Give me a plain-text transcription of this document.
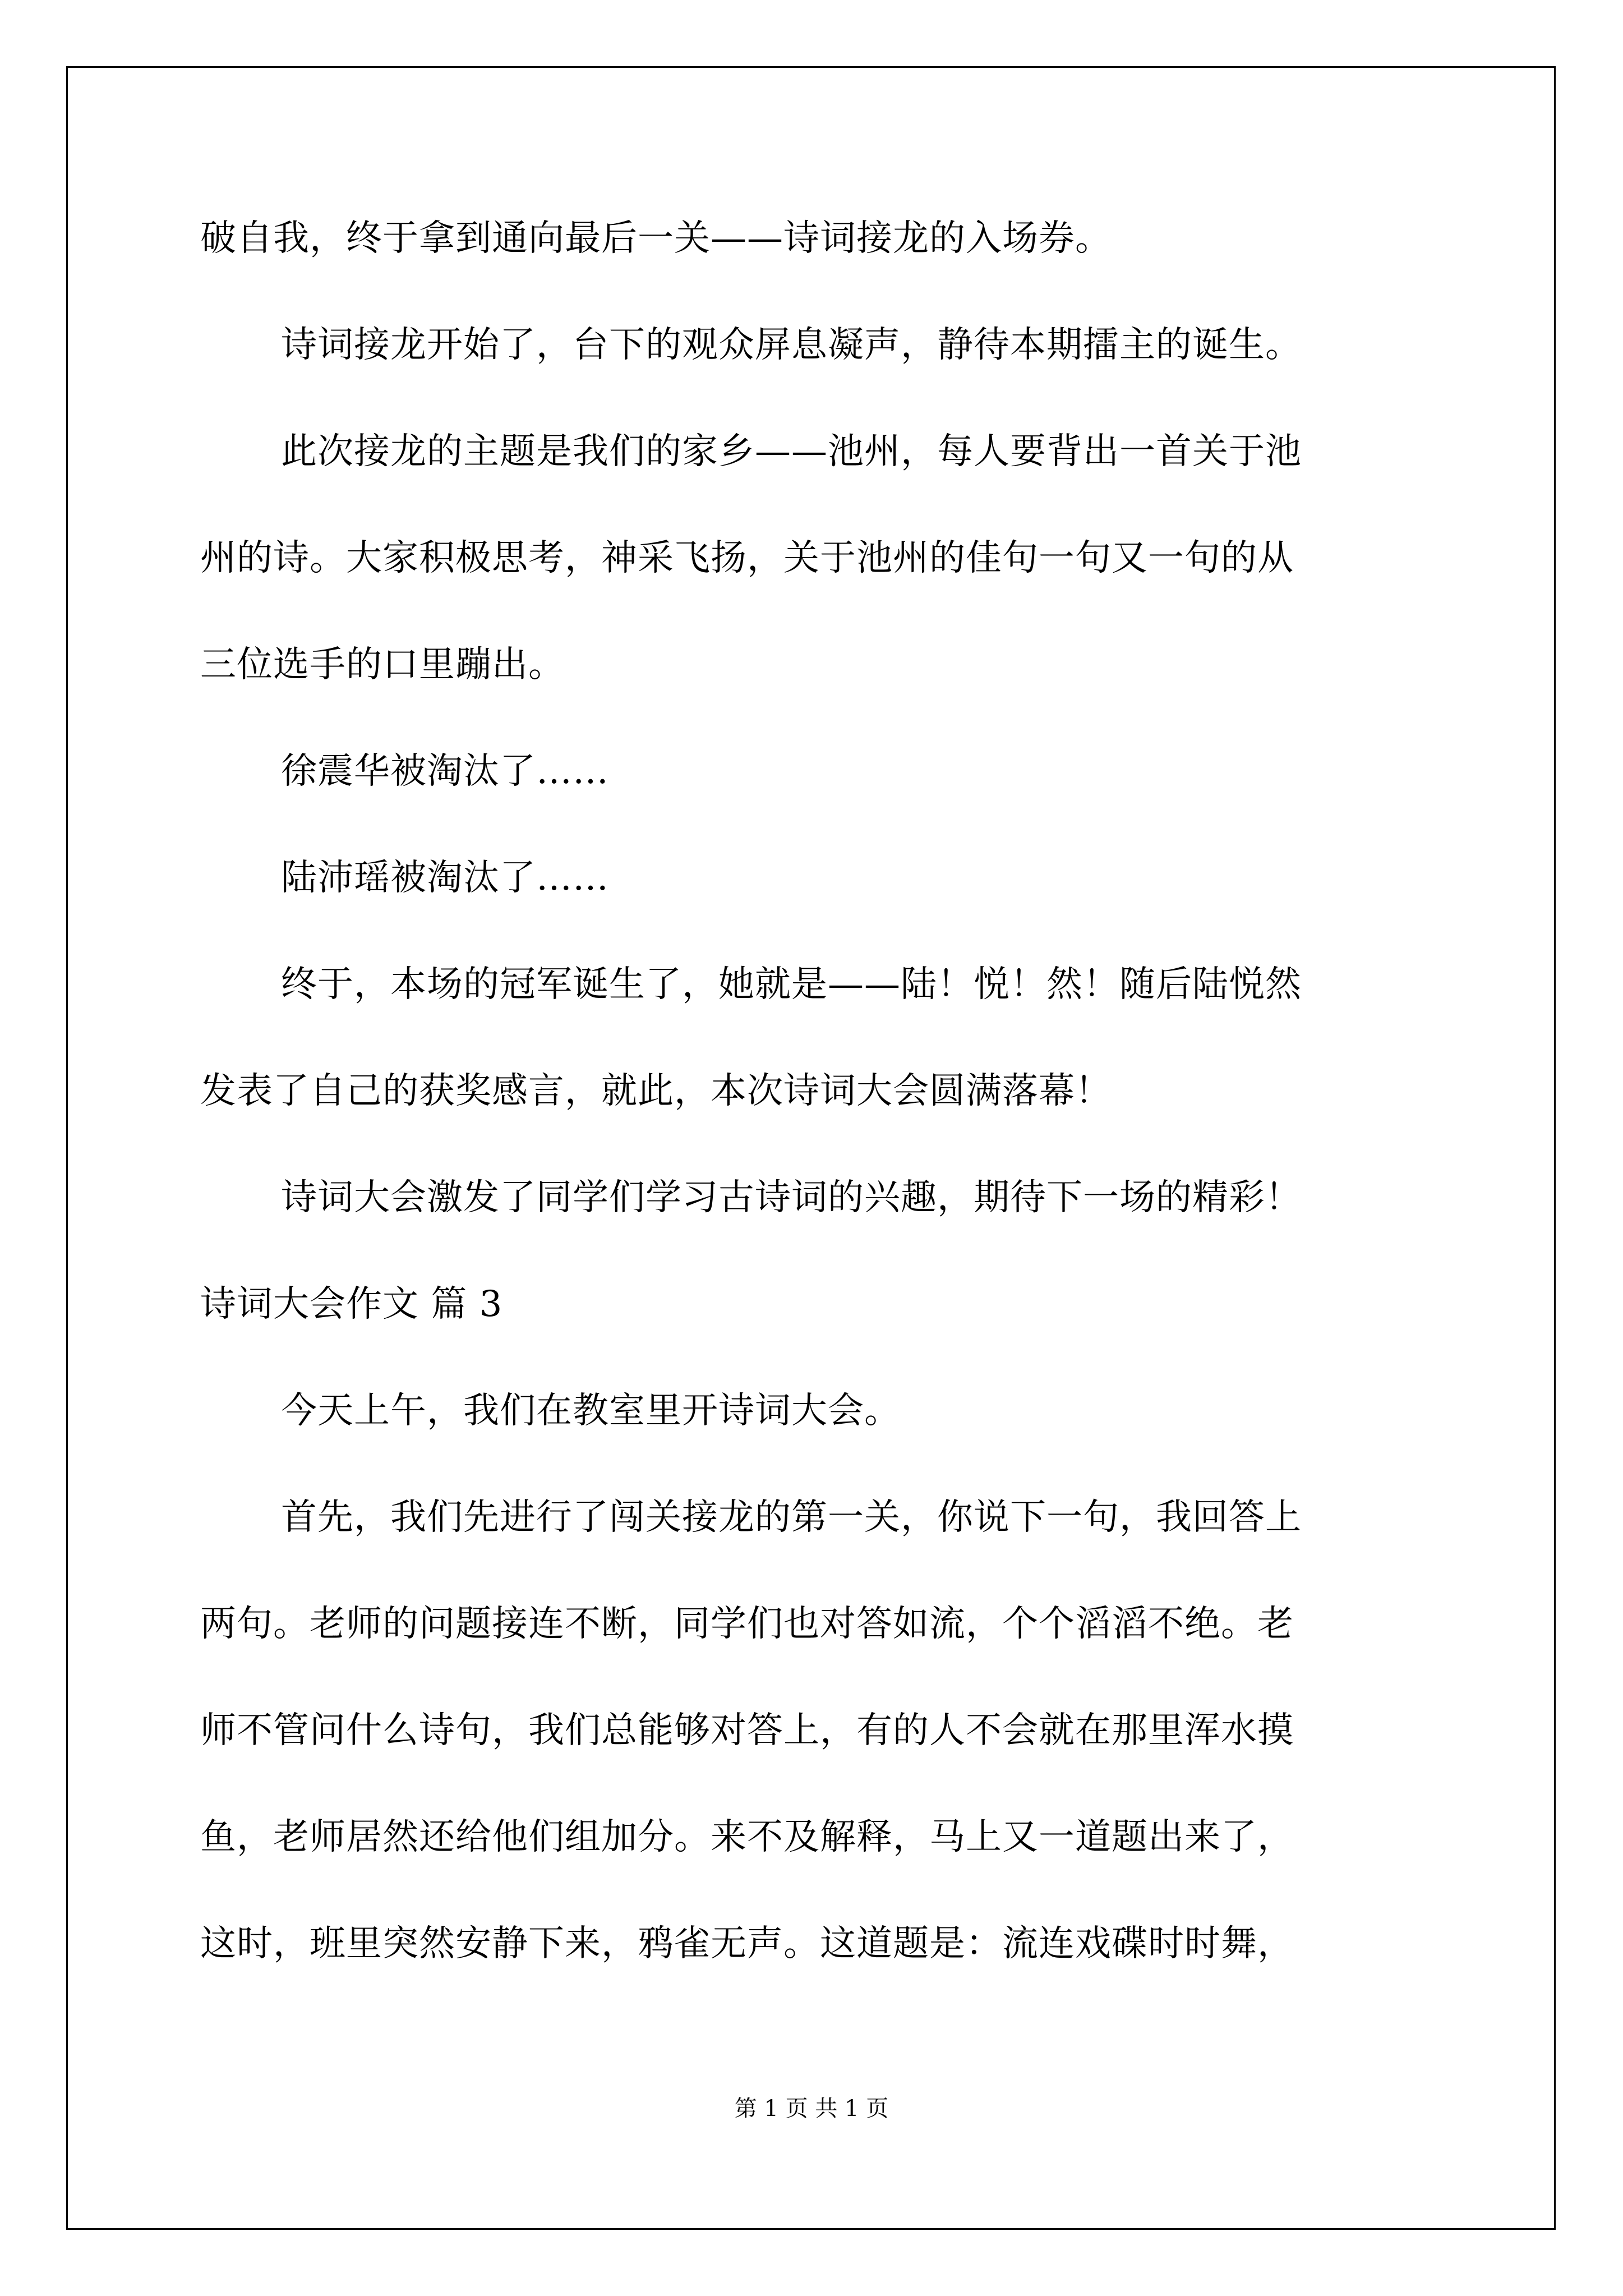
破自我，终于拿到通向最后一关——诗词接龙的入场券。
诗词接龙开始了，台下的观众屏息凝声，静待本期擂主的诞生。
此次接龙的主题是我们的家乡——池州，每人要背出一首关于池
州的诗。大家积极思考，神采飞扬，关于池州的佳句一句又一句的从
三位选手的口里蹦出。
徐震华被淘汰了……
陆沛瑶被淘汰了……
终于，本场的冠军诞生了，她就是——陆！悦！然！随后陆悦然
发表了自己的获奖感言，就此，本次诗词大会圆满落幕！
诗词大会激发了同学们学习古诗词的兴趣，期待下一场的精彩！
诗词大会作文 篇 3
今天上午，我们在教室里开诗词大会。
首先，我们先进行了闯关接龙的第一关，你说下一句，我回答上
两句。老师的问题接连不断，同学们也对答如流，个个滔滔不绝。老
师不管问什么诗句，我们总能够对答上，有的人不会就在那里浑水摸
鱼，老师居然还给他们组加分。来不及解释，马上又一道题出来了，
这时，班里突然安静下来，鸦雀无声。这道题是：流连戏碟时时舞，
第 1 页 共 1 页
